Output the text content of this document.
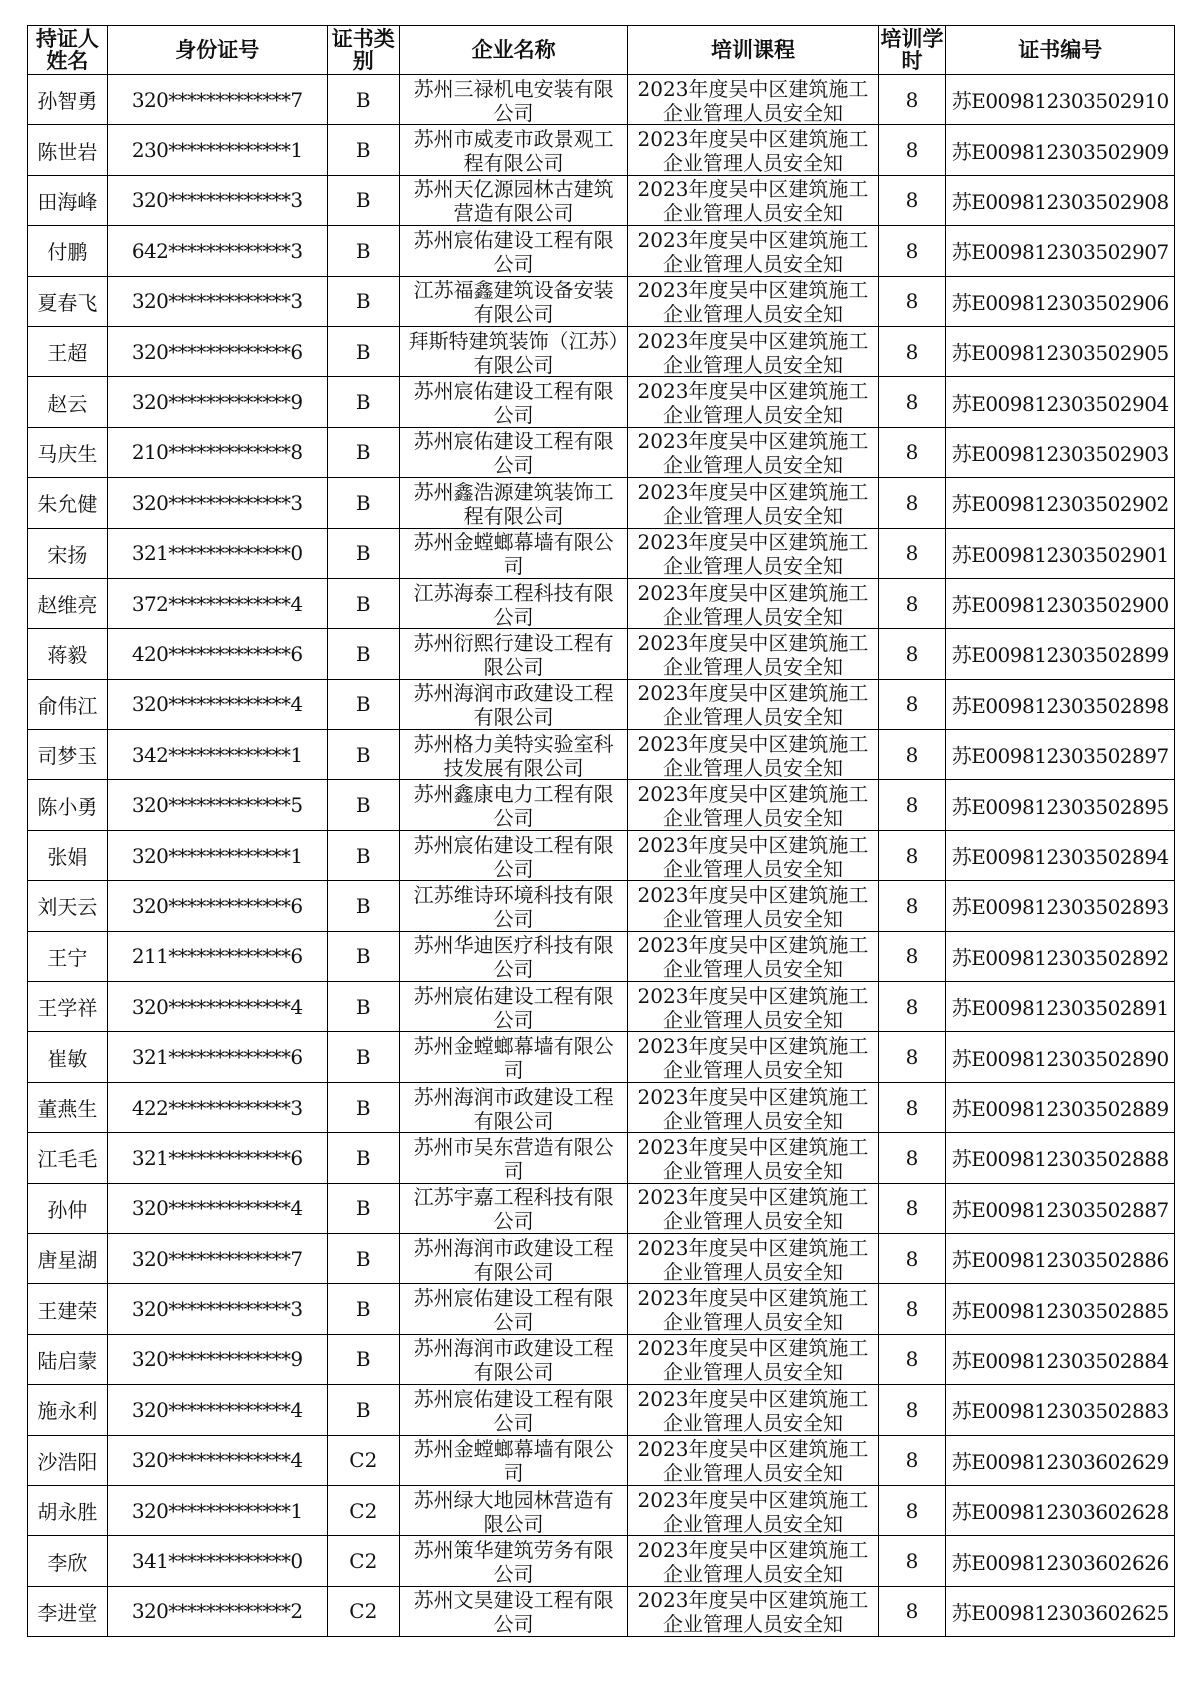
持证人姓名	身份证号	证书类别	企业名称	培训课程	培训学时	证书编号
孙智勇	320*************7	B	苏州三禄机电安装有限公司	2023年度吴中区建筑施工企业管理人员安全知	8	苏E009812303502910
陈世岩	230*************1	B	苏州市威麦市政景观工程有限公司	2023年度吴中区建筑施工企业管理人员安全知	8	苏E009812303502909
田海峰	320*************3	B	苏州天亿源园林古建筑营造有限公司	2023年度吴中区建筑施工企业管理人员安全知	8	苏E009812303502908
付鹏	642*************3	B	苏州宸佑建设工程有限公司	2023年度吴中区建筑施工企业管理人员安全知	8	苏E009812303502907
夏春飞	320*************3	B	江苏福鑫建筑设备安装有限公司	2023年度吴中区建筑施工企业管理人员安全知	8	苏E009812303502906
王超	320*************6	B	拜斯特建筑装饰（江苏）有限公司	2023年度吴中区建筑施工企业管理人员安全知	8	苏E009812303502905
赵云	320*************9	B	苏州宸佑建设工程有限公司	2023年度吴中区建筑施工企业管理人员安全知	8	苏E009812303502904
马庆生	210*************8	B	苏州宸佑建设工程有限公司	2023年度吴中区建筑施工企业管理人员安全知	8	苏E009812303502903
朱允健	320*************3	B	苏州鑫浩源建筑装饰工程有限公司	2023年度吴中区建筑施工企业管理人员安全知	8	苏E009812303502902
宋扬	321*************0	B	苏州金螳螂幕墙有限公司	2023年度吴中区建筑施工企业管理人员安全知	8	苏E009812303502901
赵维亮	372*************4	B	江苏海泰工程科技有限公司	2023年度吴中区建筑施工企业管理人员安全知	8	苏E009812303502900
蒋毅	420*************6	B	苏州衍熙行建设工程有限公司	2023年度吴中区建筑施工企业管理人员安全知	8	苏E009812303502899
俞伟江	320*************4	B	苏州海润市政建设工程有限公司	2023年度吴中区建筑施工企业管理人员安全知	8	苏E009812303502898
司梦玉	342*************1	B	苏州格力美特实验室科技发展有限公司	2023年度吴中区建筑施工企业管理人员安全知	8	苏E009812303502897
陈小勇	320*************5	B	苏州鑫康电力工程有限公司	2023年度吴中区建筑施工企业管理人员安全知	8	苏E009812303502895
张娟	320*************1	B	苏州宸佑建设工程有限公司	2023年度吴中区建筑施工企业管理人员安全知	8	苏E009812303502894
刘天云	320*************6	B	江苏维诗环境科技有限公司	2023年度吴中区建筑施工企业管理人员安全知	8	苏E009812303502893
王宁	211*************6	B	苏州华迪医疗科技有限公司	2023年度吴中区建筑施工企业管理人员安全知	8	苏E009812303502892
王学祥	320*************4	B	苏州宸佑建设工程有限公司	2023年度吴中区建筑施工企业管理人员安全知	8	苏E009812303502891
崔敏	321*************6	B	苏州金螳螂幕墙有限公司	2023年度吴中区建筑施工企业管理人员安全知	8	苏E009812303502890
董燕生	422*************3	B	苏州海润市政建设工程有限公司	2023年度吴中区建筑施工企业管理人员安全知	8	苏E009812303502889
江毛毛	321*************6	B	苏州市吴东营造有限公司	2023年度吴中区建筑施工企业管理人员安全知	8	苏E009812303502888
孙仲	320*************4	B	江苏宇嘉工程科技有限公司	2023年度吴中区建筑施工企业管理人员安全知	8	苏E009812303502887
唐星湖	320*************7	B	苏州海润市政建设工程有限公司	2023年度吴中区建筑施工企业管理人员安全知	8	苏E009812303502886
王建荣	320*************3	B	苏州宸佑建设工程有限公司	2023年度吴中区建筑施工企业管理人员安全知	8	苏E009812303502885
陆启蒙	320*************9	B	苏州海润市政建设工程有限公司	2023年度吴中区建筑施工企业管理人员安全知	8	苏E009812303502884
施永利	320*************4	B	苏州宸佑建设工程有限公司	2023年度吴中区建筑施工企业管理人员安全知	8	苏E009812303502883
沙浩阳	320*************4	C2	苏州金螳螂幕墙有限公司	2023年度吴中区建筑施工企业管理人员安全知	8	苏E009812303602629
胡永胜	320*************1	C2	苏州绿大地园林营造有限公司	2023年度吴中区建筑施工企业管理人员安全知	8	苏E009812303602628
李欣	341*************0	C2	苏州策华建筑劳务有限公司	2023年度吴中区建筑施工企业管理人员安全知	8	苏E009812303602626
李进堂	320*************2	C2	苏州文昊建设工程有限公司	2023年度吴中区建筑施工企业管理人员安全知	8	苏E009812303602625
